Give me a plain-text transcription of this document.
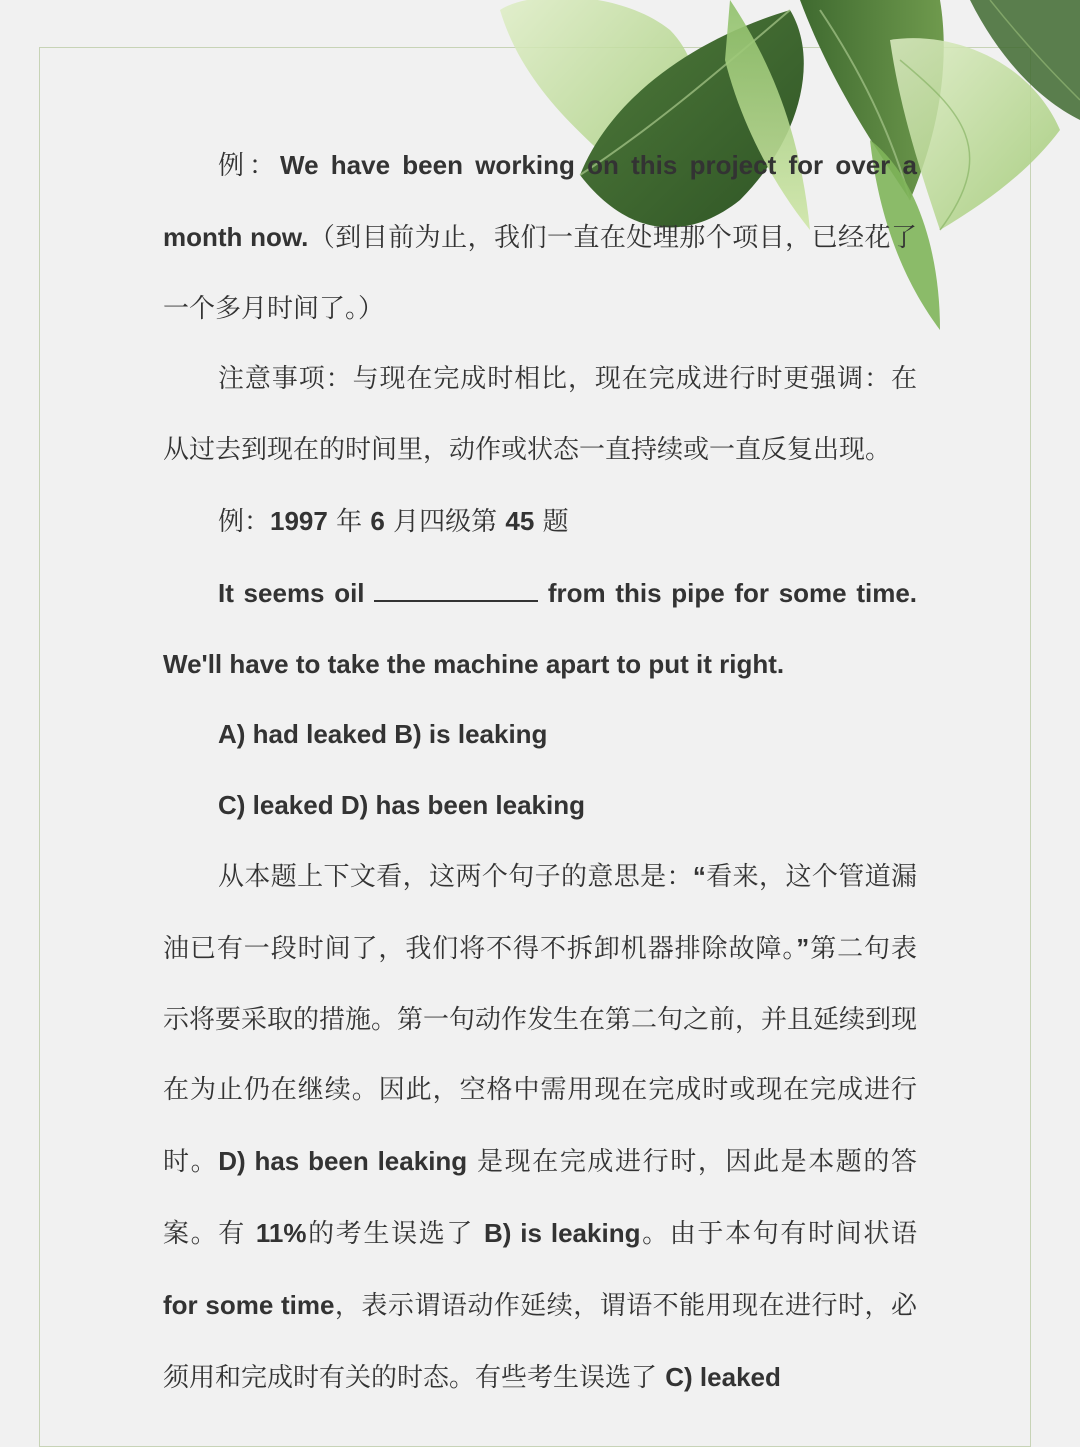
例：We have been working on this project for over a month now.（到目前为止，我们一直在处理那个项目，已经花了一个多月时间了。）

注意事项：与现在完成时相比，现在完成进行时更强调：在从过去到现在的时间里，动作或状态一直持续或一直反复出现。

例：1997 年 6 月四级第 45 题

It seems oil	from this pipe for some time. We'll have to take the machine apart to put it right.

A) had leaked B) is leaking

C) leaked D) has been leaking

从本题上下文看，这两个句子的意思是：“看来，这个管道漏油已有一段时间了，我们将不得不拆卸机器排除故障。”第二句表示将要采取的措施。第一句动作发生在第二句之前，并且延续到现在为止仍在继续。因此，空格中需用现在完成时或现在完成进行时。D) has been leaking 是现在完成进行时，因此是本题的答案。有 11%的考生误选了 B) is leaking。由于本句有时间状语 for some time，表示谓语动作延续，谓语不能用现在进行时，必须用和完成时有关的时态。有些考生误选了 C) leaked
